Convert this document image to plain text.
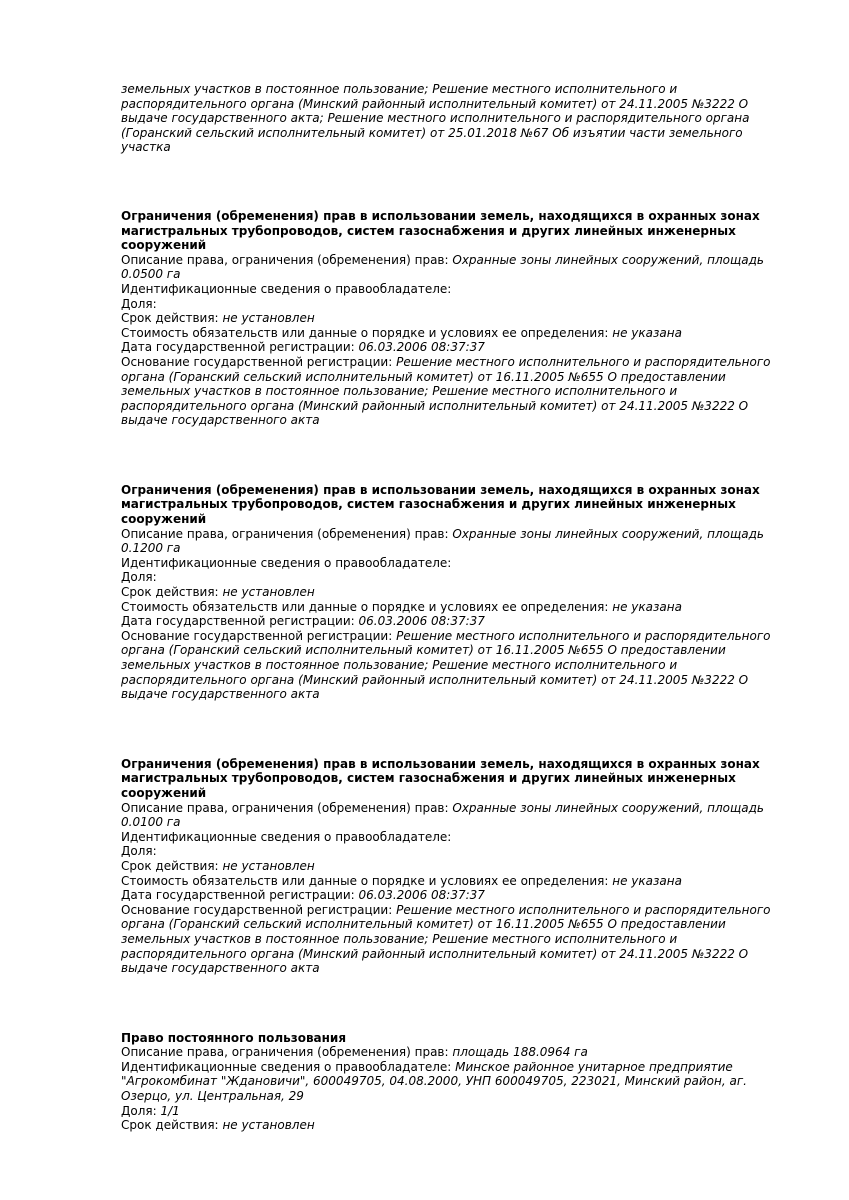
земельных участков в постоянное пользование; Решение местного исполнительного и распорядительного органа (Минский районный исполнительный комитет) от 24.11.2005 №3222 О выдаче государственного акта; Решение местного исполнительного и распорядительного органа (Горанский сельский исполнительный комитет) от 25.01.2018 №67 Об изъятии части земельного участка
Ограничения (обременения) прав в использовании земель, находящихся в охранных зонах магистральных трубопроводов, систем газоснабжения и других линейных инженерных сооружений
Описание права, ограничения (обременения) прав: Охранные зоны линейных сооружений, площадь 0.0500 га
Идентификационные сведения о правообладателе:
Доля:
Срок действия: не установлен
Стоимость обязательств или данные о порядке и условиях ее определения: не указана
Дата государственной регистрации: 06.03.2006 08:37:37
Основание государственной регистрации: Решение местного исполнительного и распорядительного органа (Горанский сельский исполнительный комитет) от 16.11.2005 №655 О предоставлении земельных участков в постоянное пользование; Решение местного исполнительного и распорядительного органа (Минский районный исполнительный комитет) от 24.11.2005 №3222 О выдаче государственного акта
Ограничения (обременения) прав в использовании земель, находящихся в охранных зонах магистральных трубопроводов, систем газоснабжения и других линейных инженерных сооружений
Описание права, ограничения (обременения) прав: Охранные зоны линейных сооружений, площадь 0.1200 га
Идентификационные сведения о правообладателе:
Доля:
Срок действия: не установлен
Стоимость обязательств или данные о порядке и условиях ее определения: не указана
Дата государственной регистрации: 06.03.2006 08:37:37
Основание государственной регистрации: Решение местного исполнительного и распорядительного органа (Горанский сельский исполнительный комитет) от 16.11.2005 №655 О предоставлении земельных участков в постоянное пользование; Решение местного исполнительного и распорядительного органа (Минский районный исполнительный комитет) от 24.11.2005 №3222 О выдаче государственного акта
Ограничения (обременения) прав в использовании земель, находящихся в охранных зонах магистральных трубопроводов, систем газоснабжения и других линейных инженерных сооружений
Описание права, ограничения (обременения) прав: Охранные зоны линейных сооружений, площадь 0.0100 га
Идентификационные сведения о правообладателе:
Доля:
Срок действия: не установлен
Стоимость обязательств или данные о порядке и условиях ее определения: не указана
Дата государственной регистрации: 06.03.2006 08:37:37
Основание государственной регистрации: Решение местного исполнительного и распорядительного органа (Горанский сельский исполнительный комитет) от 16.11.2005 №655 О предоставлении земельных участков в постоянное пользование; Решение местного исполнительного и распорядительного органа (Минский районный исполнительный комитет) от 24.11.2005 №3222 О выдаче государственного акта
Право постоянного пользования
Описание права, ограничения (обременения) прав: площадь 188.0964 га
Идентификационные сведения о правообладателе: Минское районное унитарное предприятие "Агрокомбинат "Ждановичи", 600049705, 04.08.2000, УНП 600049705, 223021, Минский район, аг. Озерцо, ул. Центральная, 29
Доля: 1/1
Срок действия: не установлен
